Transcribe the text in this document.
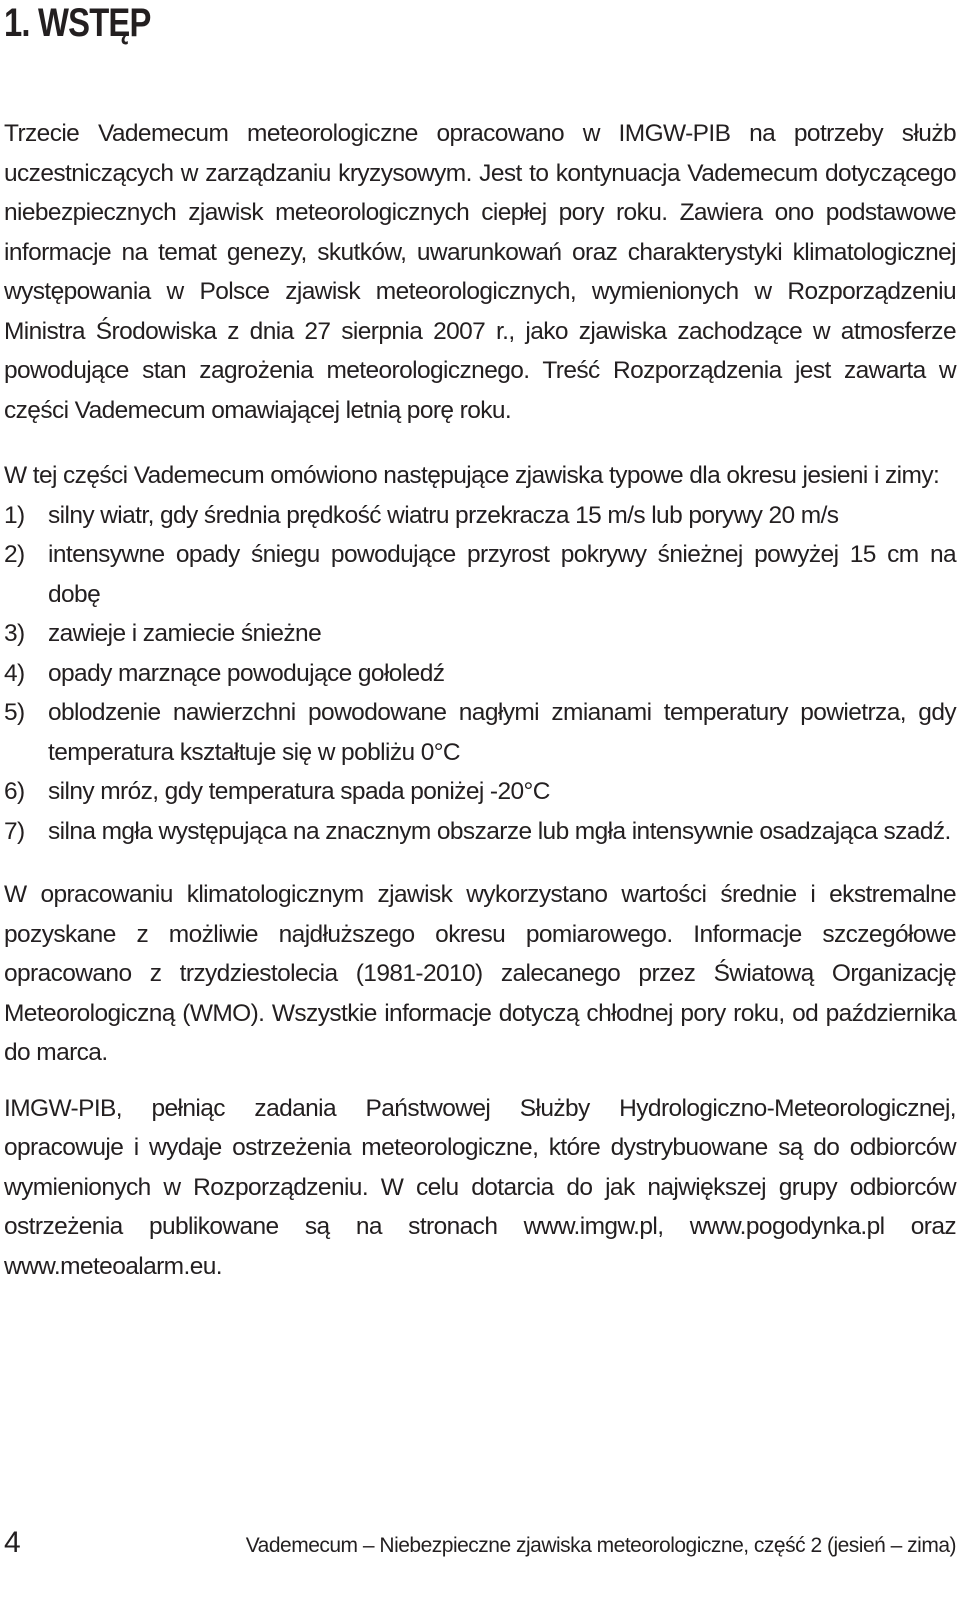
1. WSTĘP

Trzecie Vademecum meteorologiczne opracowano w IMGW-PIB na potrzeby służb uczestniczących w zarządzaniu kryzysowym. Jest to kontynuacja Vademecum dotyczącego niebezpiecznych zjawisk meteorologicznych ciepłej pory roku. Zawiera ono podstawowe informacje na temat genezy, skutków, uwarunkowań oraz charakterystyki klimatologicznej występowania w Polsce zjawisk meteorologicznych, wymienionych w Rozporządzeniu Ministra Środowiska z dnia 27 sierpnia 2007 r., jako zjawiska zachodzące w atmosferze powodujące stan zagrożenia meteorologicznego. Treść Rozporządzenia jest zawarta w części Vademecum omawiającej letnią porę roku.

W tej części Vademecum omówiono następujące zjawiska typowe dla okresu jesieni i zimy:

1) silny wiatr, gdy średnia prędkość wiatru przekracza 15 m/s lub porywy 20 m/s
2) intensywne opady śniegu powodujące przyrost pokrywy śnieżnej powyżej 15 cm na dobę
3) zawieje i zamiecie śnieżne
4) opady marznące powodujące gołoledź
5) oblodzenie nawierzchni powodowane nagłymi zmianami temperatury powietrza, gdy temperatura kształtuje się w pobliżu 0°C
6) silny mróz, gdy temperatura spada poniżej -20°C
7) silna mgła występująca na znacznym obszarze lub mgła intensywnie osadzająca szadź.

W opracowaniu klimatologicznym zjawisk wykorzystano wartości średnie i ekstremalne pozyskane z możliwie najdłuższego okresu pomiarowego. Informacje szczegółowe opracowano z trzydziestolecia (1981-2010) zalecanego przez Światową Organizację Meteorologiczną (WMO). Wszystkie informacje dotyczą chłodnej pory roku, od października do marca.

IMGW-PIB, pełniąc zadania Państwowej Służby Hydrologiczno-Meteorologicznej, opracowuje i wydaje ostrzeżenia meteorologiczne, które dystrybuowane są do odbiorców wymienionych w Rozporządzeniu. W celu dotarcia do jak największej grupy odbiorców ostrzeżenia publikowane są na stronach www.imgw.pl, www.pogodynka.pl oraz www.meteoalarm.eu.

4	Vademecum – Niebezpieczne zjawiska meteorologiczne, część 2 (jesień – zima)
